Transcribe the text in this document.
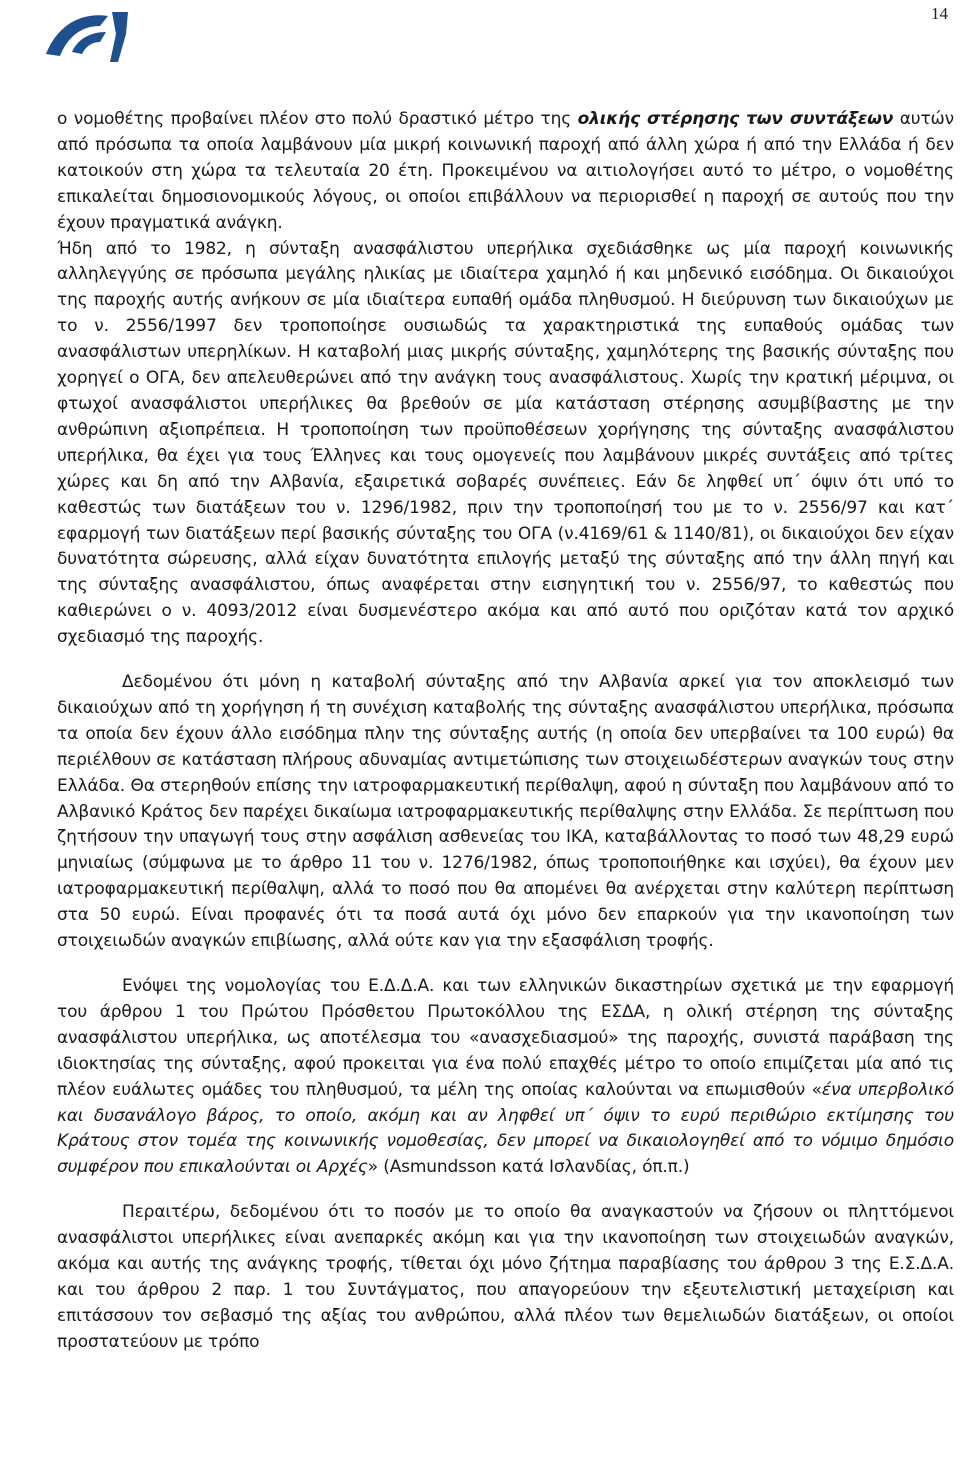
14

ο νομοθέτης προβαίνει πλέον στο πολύ δραστικό μέτρο της ολικής στέρησης των συντάξεων αυτών από πρόσωπα τα οποία λαμβάνουν μία μικρή κοινωνική παροχή από άλλη χώρα ή από την Ελλάδα ή δεν κατοικούν στη χώρα τα τελευταία 20 έτη. Προκειμένου να αιτιολογήσει αυτό το μέτρο, ο νομοθέτης επικαλείται δημοσιονομικούς λόγους, οι οποίοι επιβάλλουν να περιορισθεί η παροχή σε αυτούς που την έχουν πραγματικά ανάγκη.

Ήδη από το 1982, η σύνταξη ανασφάλιστου υπερήλικα σχεδιάσθηκε ως μία παροχή κοινωνικής αλληλεγγύης σε πρόσωπα μεγάλης ηλικίας με ιδιαίτερα χαμηλό ή και μηδενικό εισόδημα. Οι δικαιούχοι της παροχής αυτής ανήκουν σε μία ιδιαίτερα ευπαθή ομάδα πληθυσμού. Η διεύρυνση των δικαιούχων με το ν. 2556/1997 δεν τροποποίησε ουσιωδώς τα χαρακτηριστικά της ευπαθούς ομάδας των ανασφάλιστων υπερηλίκων. Η καταβολή μιας μικρής σύνταξης, χαμηλότερης της βασικής σύνταξης που χορηγεί ο ΟΓΑ, δεν απελευθερώνει από την ανάγκη τους ανασφάλιστους. Χωρίς την κρατική μέριμνα, οι φτωχοί ανασφάλιστοι υπερήλικες θα βρεθούν σε μία κατάσταση στέρησης ασυμβίβαστης με την ανθρώπινη αξιοπρέπεια. Η τροποποίηση των προϋποθέσεων χορήγησης της σύνταξης ανασφάλιστου υπερήλικα, θα έχει για τους Έλληνες και τους ομογενείς που λαμβάνουν μικρές συντάξεις από τρίτες χώρες και δη από την Αλβανία, εξαιρετικά σοβαρές συνέπειες. Εάν δε ληφθεί υπ΄ όψιν ότι υπό το καθεστώς των διατάξεων του ν. 1296/1982, πριν την τροποποίησή του με το ν. 2556/97 και κατ΄ εφαρμογή των διατάξεων περί βασικής σύνταξης του ΟΓΑ (ν.4169/61 & 1140/81), οι δικαιούχοι δεν είχαν δυνατότητα σώρευσης, αλλά είχαν δυνατότητα επιλογής μεταξύ της σύνταξης από την άλλη πηγή και της σύνταξης ανασφάλιστου, όπως αναφέρεται στην εισηγητική του ν. 2556/97, το καθεστώς που καθιερώνει ο ν. 4093/2012 είναι δυσμενέστερο ακόμα και από αυτό που οριζόταν κατά τον αρχικό σχεδιασμό της παροχής.

Δεδομένου ότι μόνη η καταβολή σύνταξης από την Αλβανία αρκεί για τον αποκλεισμό των δικαιούχων από τη χορήγηση ή τη συνέχιση καταβολής της σύνταξης ανασφάλιστου υπερήλικα, πρόσωπα τα οποία δεν έχουν άλλο εισόδημα πλην της σύνταξης αυτής (η οποία δεν υπερβαίνει τα 100 ευρώ) θα περιέλθουν σε κατάσταση πλήρους αδυναμίας αντιμετώπισης των στοιχειωδέστερων αναγκών τους στην Ελλάδα. Θα στερηθούν επίσης την ιατροφαρμακευτική περίθαλψη, αφού η σύνταξη που λαμβάνουν από το Αλβανικό Κράτος δεν παρέχει δικαίωμα ιατροφαρμακευτικής περίθαλψης στην Ελλάδα. Σε περίπτωση που ζητήσουν την υπαγωγή τους στην ασφάλιση ασθενείας του ΙΚΑ, καταβάλλοντας το ποσό των 48,29 ευρώ μηνιαίως (σύμφωνα με το άρθρο 11 του ν. 1276/1982, όπως τροποποιήθηκε και ισχύει), θα έχουν μεν ιατροφαρμακευτική περίθαλψη, αλλά το ποσό που θα απομένει θα ανέρχεται στην καλύτερη περίπτωση στα 50 ευρώ. Είναι προφανές ότι τα ποσά αυτά όχι μόνο δεν επαρκούν για την ικανοποίηση των στοιχειωδών αναγκών επιβίωσης, αλλά ούτε καν για την εξασφάλιση τροφής.

Ενόψει της νομολογίας του Ε.Δ.Δ.Α. και των ελληνικών δικαστηρίων σχετικά με την εφαρμογή του άρθρου 1 του Πρώτου Πρόσθετου Πρωτοκόλλου της ΕΣΔΑ, η ολική στέρηση της σύνταξης ανασφάλιστου υπερήλικα, ως αποτέλεσμα του «ανασχεδιασμού» της παροχής, συνιστά παράβαση της ιδιοκτησίας της σύνταξης, αφού προκειται για ένα πολύ επαχθές μέτρο το οποίο επιμίζεται μία από τις πλέον ευάλωτες ομάδες του πληθυσμού, τα μέλη της οποίας καλούνται να επωμισθούν «ένα υπερβολικό και δυσανάλογο βάρος, το οποίο, ακόμη και αν ληφθεί υπ΄ όψιν το ευρύ περιθώριο εκτίμησης του Κράτους στον τομέα της κοινωνικής νομοθεσίας, δεν μπορεί να δικαιολογηθεί από το νόμιμο δημόσιο συμφέρον που επικαλούνται οι Αρχές» (Asmundsson κατά Ισλανδίας, όπ.π.)

Περαιτέρω, δεδομένου ότι το ποσόν με το οποίο θα αναγκαστούν να ζήσουν οι πληττόμενοι ανασφάλιστοι υπερήλικες είναι ανεπαρκές ακόμη και για την ικανοποίηση των στοιχειωδών αναγκών, ακόμα και αυτής της ανάγκης τροφής, τίθεται όχι μόνο ζήτημα παραβίασης του άρθρου 3 της Ε.Σ.Δ.Α. και του άρθρου 2 παρ. 1 του Συντάγματος, που απαγορεύουν την εξευτελιστική μεταχείριση και επιτάσσουν τον σεβασμό της αξίας του ανθρώπου, αλλά πλέον των θεμελιωδών διατάξεων, οι οποίοι προστατεύουν με τρόπο
